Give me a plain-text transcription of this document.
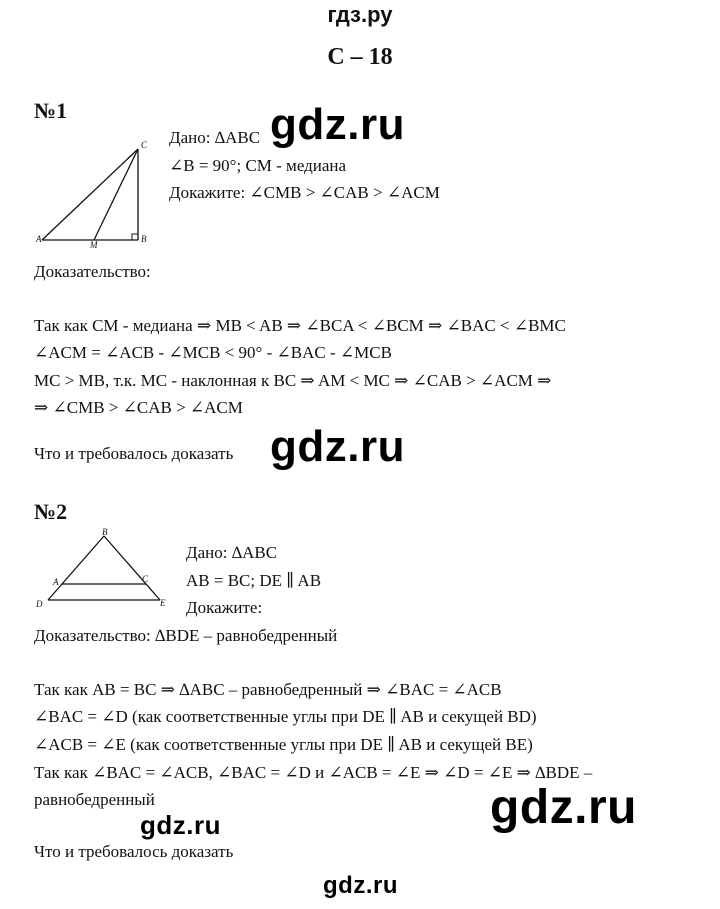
гдз.ру
С – 18
№1
A
M
B
C Дано: ∆ABC
∠B = 90°; CM - медиана
Докажите: ∠CMB > ∠CAB > ∠ACM
Доказательство:
Так как CM - медиана ⇒ MB < AB ⇒ ∠BCA < ∠BCM ⇒ ∠BAC < ∠BMC
∠ACM = ∠ACB - ∠MCB < 90° - ∠BAC - ∠MCB
MC > MB, т.к. MC - наклонная к BC ⇒ AM < MC ⇒ ∠CAB > ∠ACM ⇒
⇒ ∠CMB > ∠CAB > ∠ACM
Что и требовалось доказать
№2
B
A	C
D	E
Дано: ∆ABC
AB = BC; DE ∥ AB
Докажите:
Доказательство: ∆BDE – равнобедренный
Так как AB = BC ⇒ ∆ABC – равнобедренный ⇒ ∠BAC = ∠ACB
∠BAC = ∠D (как соответственные углы при DE ∥ AB и секущей BD)
∠ACB = ∠E (как соответственные углы при DE ∥ AB и секущей BE)
Так как ∠BAC = ∠ACB, ∠BAC = ∠D и ∠ACB = ∠E ⇒ ∠D = ∠E ⇒ ∆BDE –
равнобедренный
Что и требовалось доказать
gdz.ru
gdz.ru
gdz.ru
gdz.ru
gdz.ru
